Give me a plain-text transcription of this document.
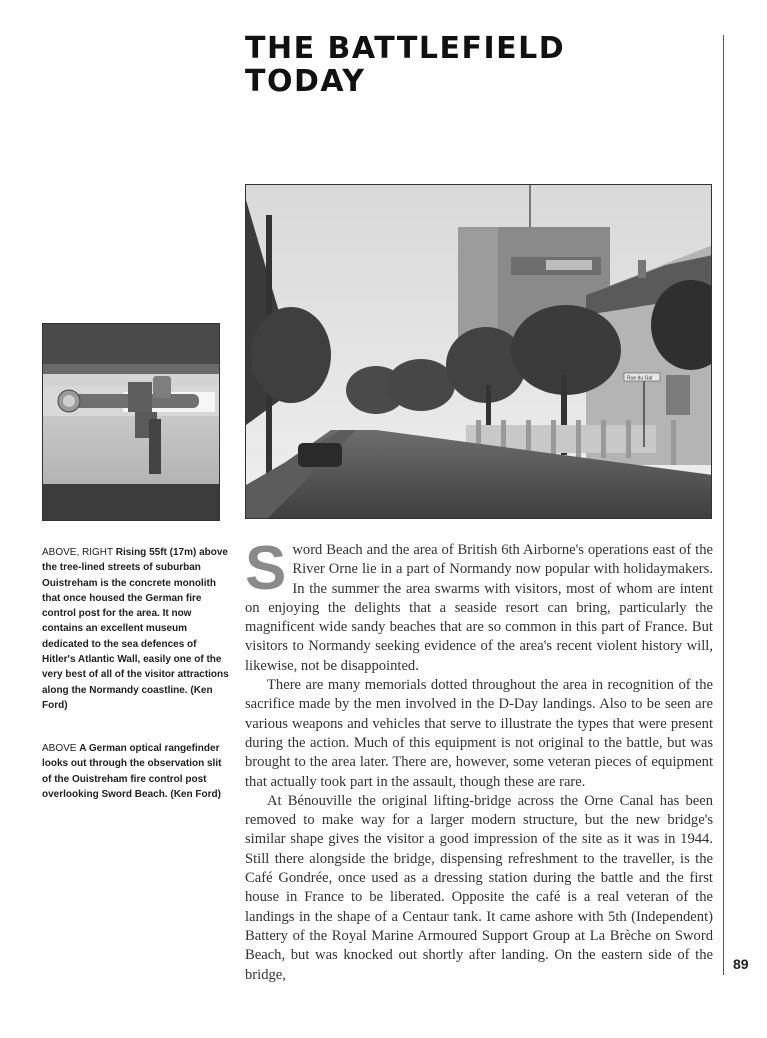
THE BATTLEFIELD
TODAY
Rue du Gal
ABOVE, RIGHT Rising 55ft (17m) above the tree-lined streets of suburban Ouistreham is the concrete monolith that once housed the German fire control post for the area. It now contains an excellent museum dedicated to the sea defences of Hitler's Atlantic Wall, easily one of the very best of all of the visitor attractions along the Normandy coastline. (Ken Ford)
ABOVE A German optical rangefinder looks out through the observation slit of the Ouistreham fire control post overlooking Sword Beach. (Ken Ford)

Sword Beach and the area of British 6th Airborne's operations east of the River Orne lie in a part of Normandy now popular with holidaymakers. In the summer the area swarms with visitors, most of whom are intent on enjoying the delights that a seaside resort can bring, particularly the magnificent wide sandy beaches that are so common in this part of France. But visitors to Normandy seeking evidence of the area's recent violent history will, likewise, not be disappointed.

There are many memorials dotted throughout the area in recognition of the sacrifice made by the men involved in the D-Day landings. Also to be seen are various weapons and vehicles that serve to illustrate the types that were present during the action. Much of this equipment is not original to the battle, but was brought to the area later. There are, however, some veteran pieces of equipment that actually took part in the assault, though these are rare.

At Bénouville the original lifting-bridge across the Orne Canal has been removed to make way for a larger modern structure, but the new bridge's similar shape gives the visitor a good impression of the site as it was in 1944. Still there alongside the bridge, dispensing refreshment to the traveller, is the Café Gondrée, once used as a dressing station during the battle and the first house in France to be liberated. Opposite the café is a real veteran of the landings in the shape of a Centaur tank. It came ashore with 5th (Independent) Battery of the Royal Marine Armoured Support Group at La Brèche on Sword Beach, but was knocked out shortly after landing. On the eastern side of the bridge,

89
